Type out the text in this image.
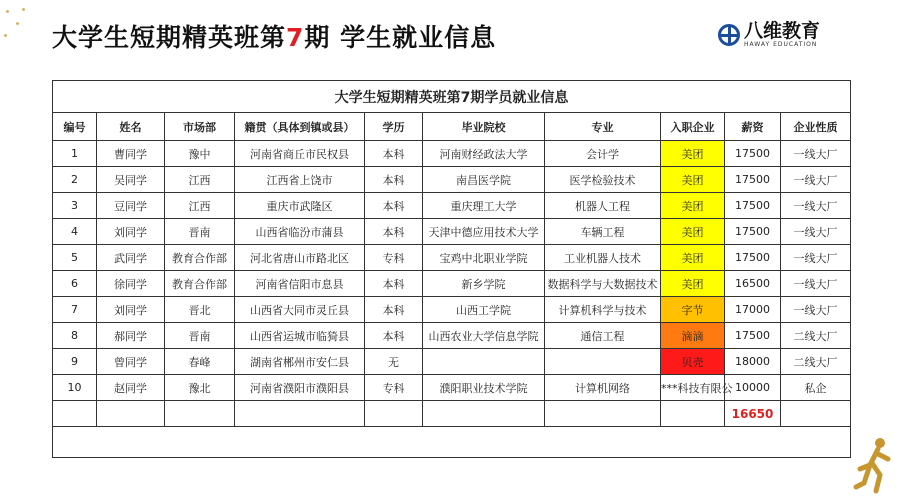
大学生短期精英班第7期 学生就业信息	八维教育
HAWAY EDUCATION
大学生短期精英班第7期学员就业信息									
编号	姓名	市场部	籍贯（具体到镇或县）	学历	毕业院校	专业	入职企业	薪资	企业性质
1	曹同学	豫中	河南省商丘市民权县	本科	河南财经政法大学	会计学	美团	17500	一线大厂
2	吴同学	江西	江西省上饶市	本科	南昌医学院	医学检验技术	美团	17500	一线大厂
3	豆同学	江西	重庆市武隆区	本科	重庆理工大学	机器人工程	美团	17500	一线大厂
4	刘同学	晋南	山西省临汾市蒲县	本科	天津中德应用技术大学	车辆工程	美团	17500	一线大厂
5	武同学	教育合作部	河北省唐山市路北区	专科	宝鸡中北职业学院	工业机器人技术	美团	17500	一线大厂
6	徐同学	教育合作部	河南省信阳市息县	本科	新乡学院	数据科学与大数据技术	美团	16500	一线大厂
7	刘同学	晋北	山西省大同市灵丘县	本科	山西工学院	计算机科学与技术	字节	17000	一线大厂
8	郝同学	晋南	山西省运城市临猗县	本科	山西农业大学信息学院	通信工程	滴滴	17500	二线大厂
9	曾同学	春峰	湖南省郴州市安仁县	无			贝壳	18000	二线大厂
10	赵同学	豫北	河南省濮阳市濮阳县	专科	濮阳职业技术学院	计算机网络	***科技有限公	10000	私企
								16650	
